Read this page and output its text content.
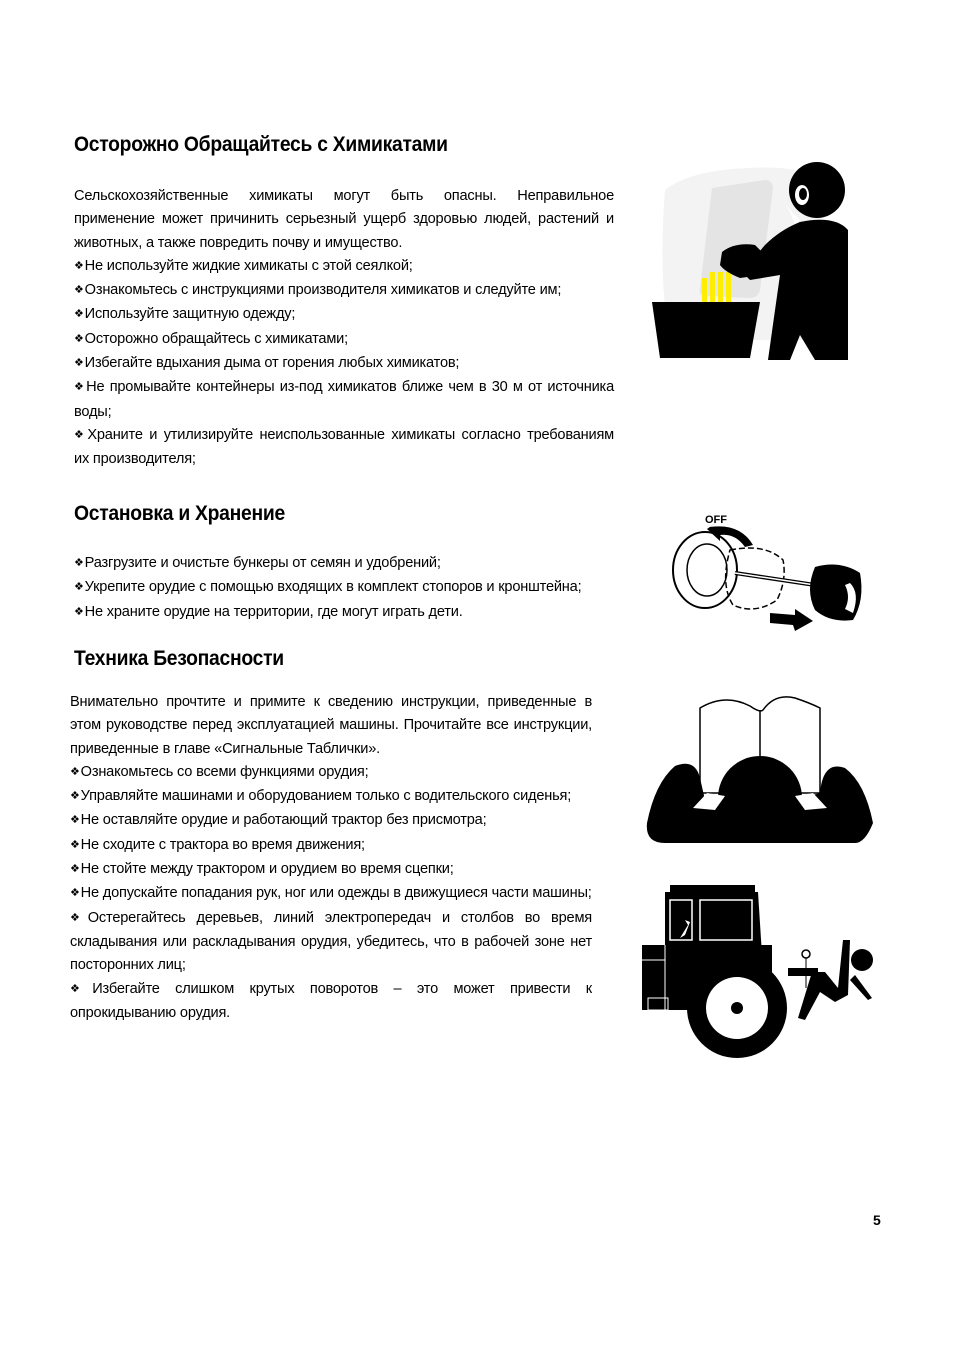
Осторожно Обращайтесь с Химикатами

Сельскохозяйственные химикаты могут быть опасны. Неправильное применение может причинить серьезный ущерб здоровью людей, растений и животных, а также повредить почву и имущество.

❖ Не используйте жидкие химикаты с этой сеялкой;

❖ Ознакомьтесь с инструкциями производителя химикатов и следуйте им;

❖ Используйте защитную одежду;

❖ Осторожно обращайтесь с химикатами;

❖ Избегайте вдыхания дыма от горения любых химикатов;

❖ Не промывайте контейнеры из-под химикатов ближе чем в 30 м от источника воды;

❖ Храните и утилизируйте неиспользованные химикаты согласно требованиям их производителя;

Остановка и Хранение

❖ Разгрузите и очистьте бункеры от семян и удобрений;

❖ Укрепите орудие с помощью входящих в комплект стопоров и кронштейна;

❖ Не храните орудие на территории, где могут играть дети.

OFF
Техника Безопасности

Внимательно прочтите и примите к сведению инструкции, приведенные в этом руководстве перед эксплуатацией машины. Прочитайте все инструкции, приведенные в главе «Сигнальные Таблички».

❖ Ознакомьтесь со всеми функциями орудия;

❖ Управляйте машинами и оборудованием только с водительского сиденья;

❖ Не оставляйте орудие и работающий трактор без присмотра;

❖ Не сходите с трактора во время движения;

❖ Не стойте между трактором и орудием во время сцепки;

❖ Не допускайте попадания рук, ног или одежды в движущиеся части машины;

❖ Остерегайтесь деревьев, линий электропередач и столбов во время складывания или раскладывания орудия, убедитесь, что в рабочей зоне нет посторонних лиц;

❖ Избегайте слишком крутых поворотов – это может привести к опрокидыванию орудия.

5
